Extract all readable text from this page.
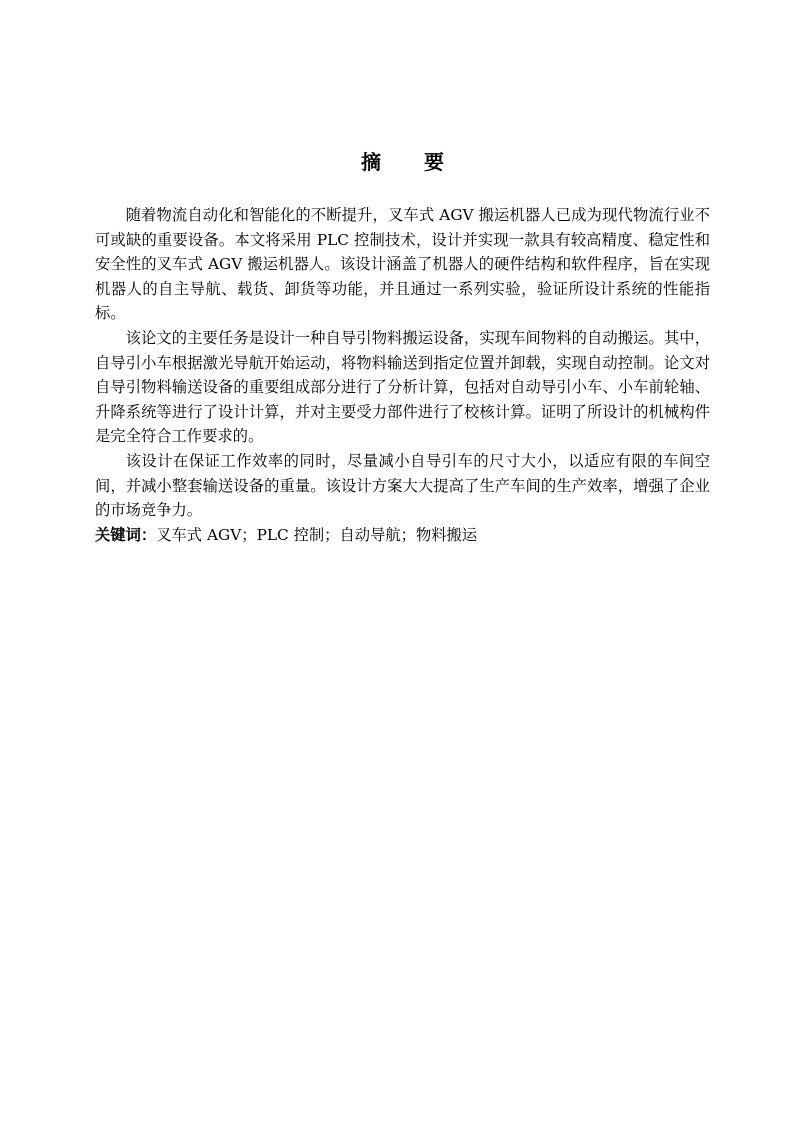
摘 要

随着物流自动化和智能化的不断提升，叉车式 AGV 搬运机器人已成为现代物流行业不可或缺的重要设备。本文将采用 PLC 控制技术，设计并实现一款具有较高精度、稳定性和安全性的叉车式 AGV 搬运机器人。该设计涵盖了机器人的硬件结构和软件程序，旨在实现机器人的自主导航、载货、卸货等功能，并且通过一系列实验，验证所设计系统的性能指标。

该论文的主要任务是设计一种自导引物料搬运设备，实现车间物料的自动搬运。其中，自导引小车根据激光导航开始运动，将物料输送到指定位置并卸载，实现自动控制。论文对自导引物料输送设备的重要组成部分进行了分析计算，包括对自动导引小车、小车前轮轴、升降系统等进行了设计计算，并对主要受力部件进行了校核计算。证明了所设计的机械构件是完全符合工作要求的。

该设计在保证工作效率的同时，尽量减小自导引车的尺寸大小，以适应有限的车间空间，并减小整套输送设备的重量。该设计方案大大提高了生产车间的生产效率，增强了企业的市场竞争力。

关键词：叉车式 AGV；PLC 控制；自动导航；物料搬运
